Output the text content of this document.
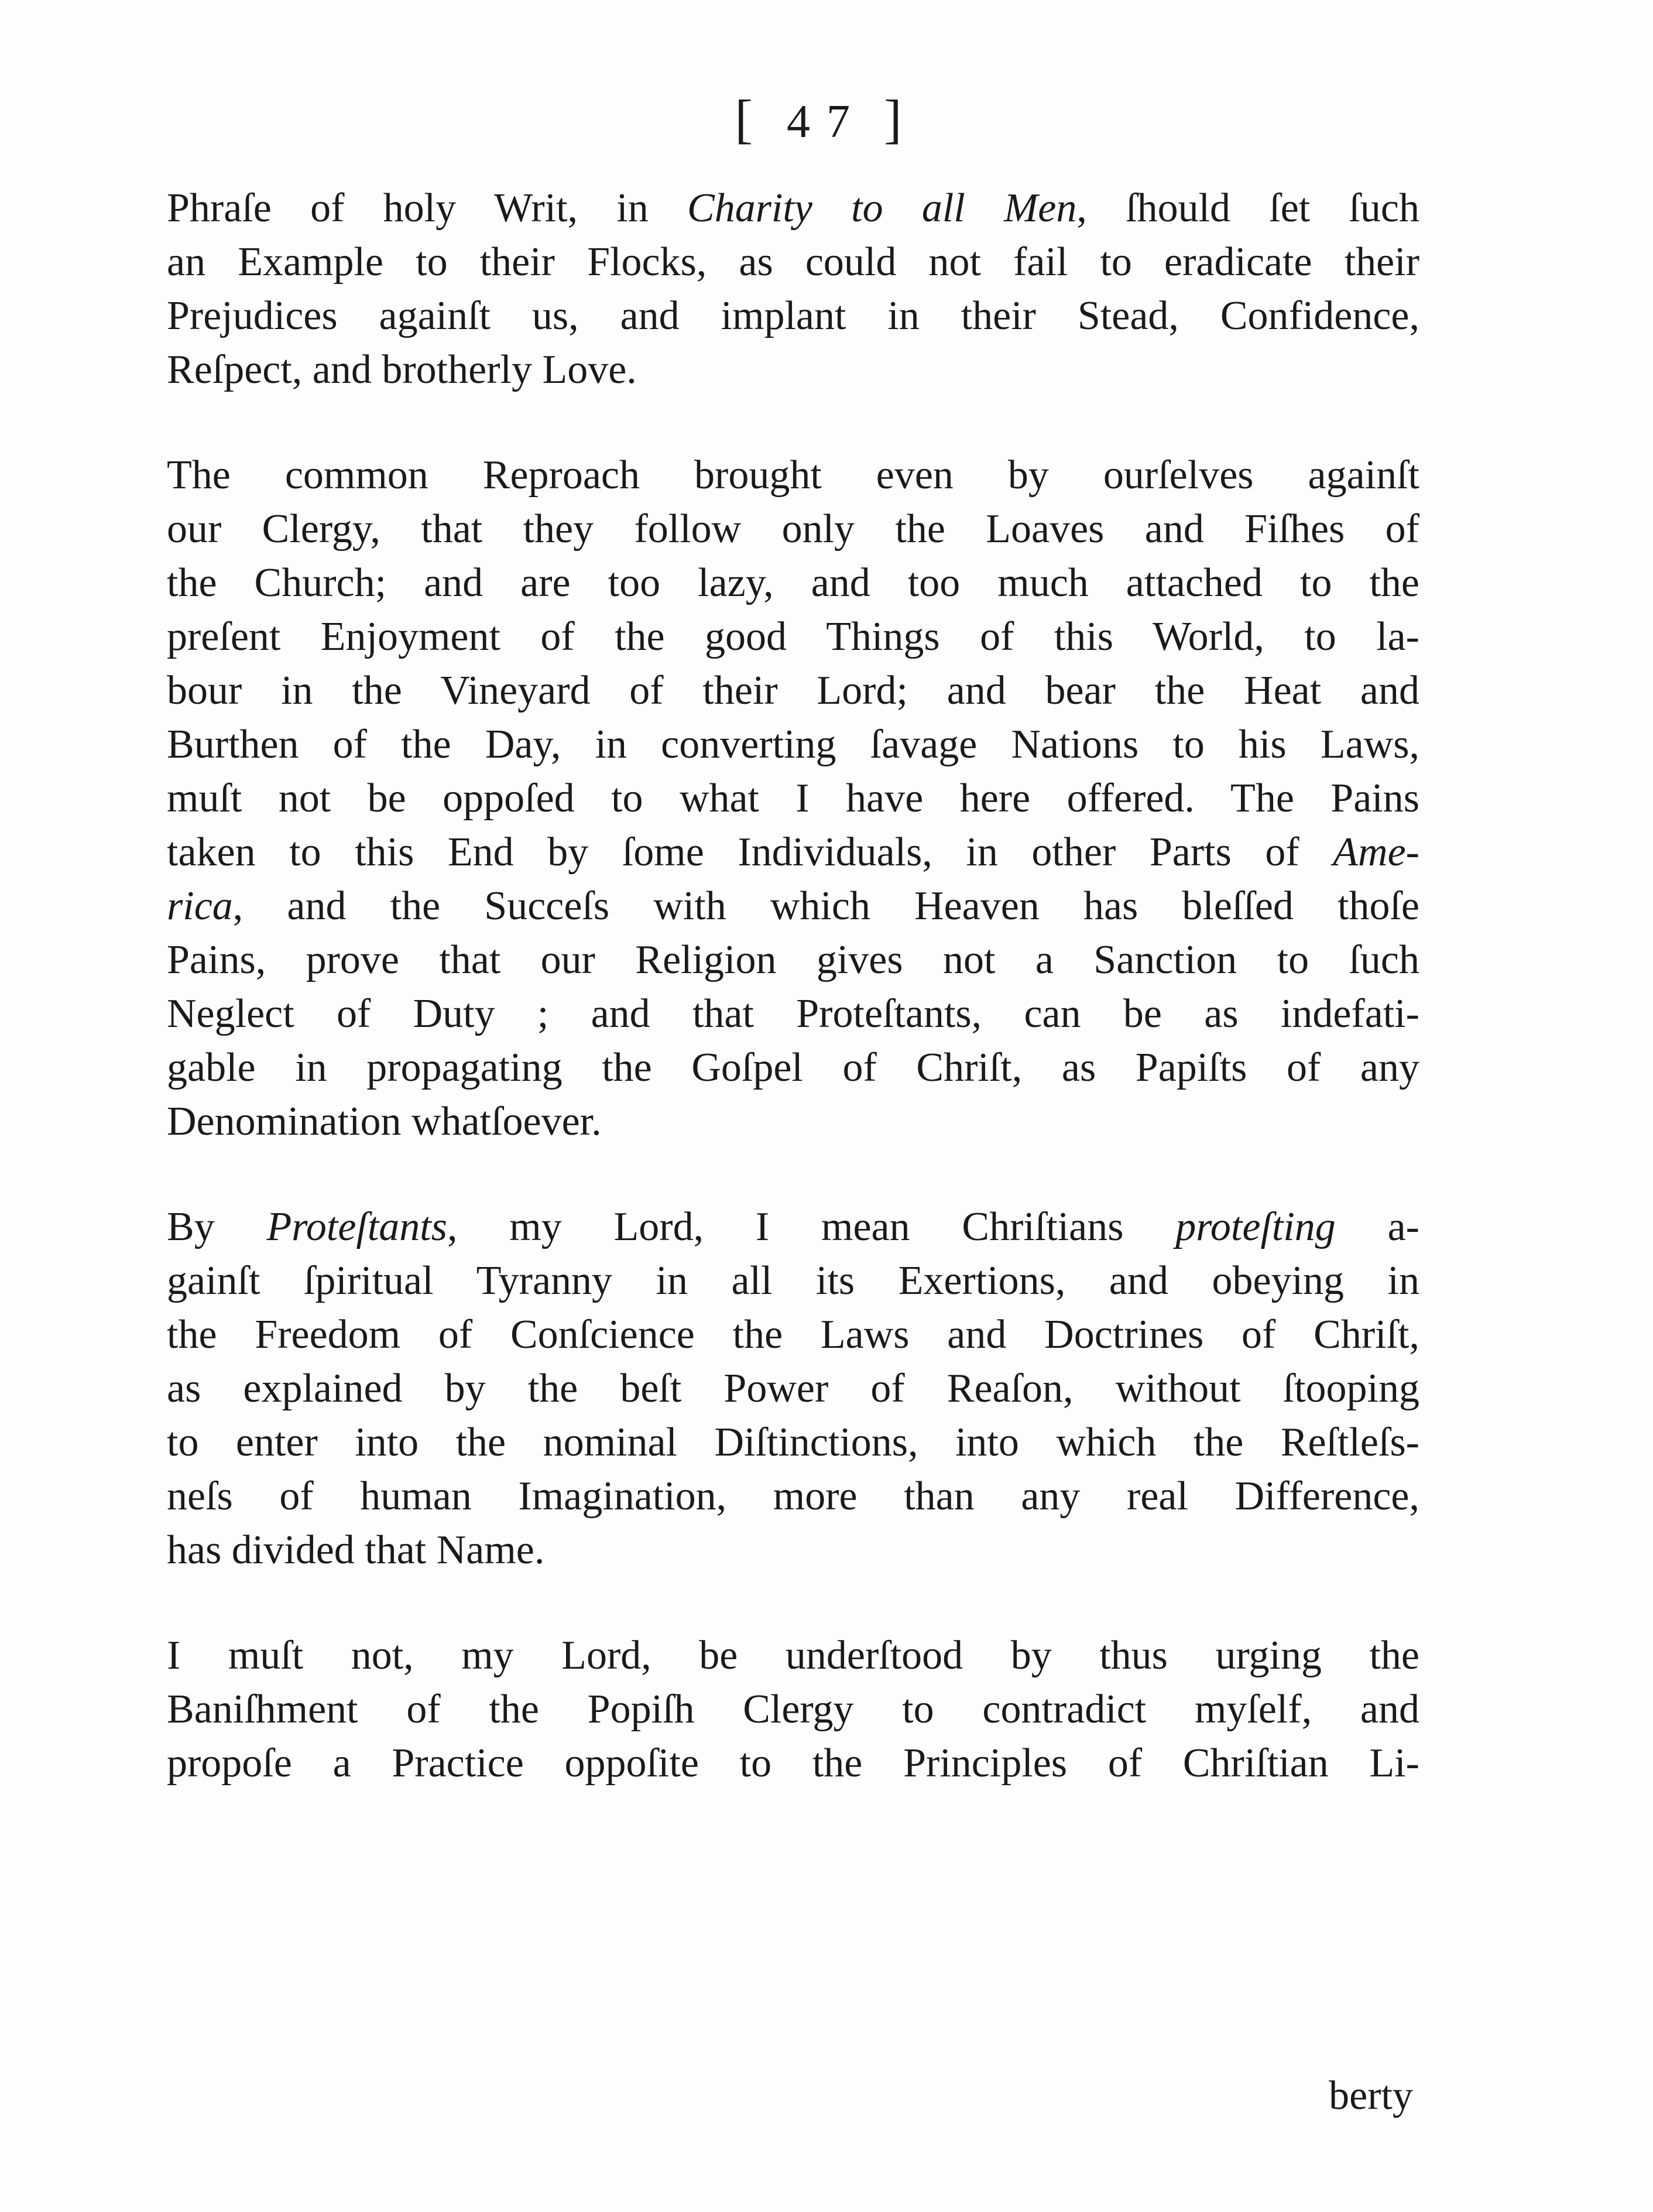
[ 47 ]

Phraſe of holy Writ, in Charity to all Men, ſhould ſet ſuch
an Example to their Flocks, as could not fail to eradicate their
Prejudices againſt us, and implant in their Stead, Confidence,
Reſpect, and brotherly Love.

The common Reproach brought even by ourſelves againſt
our Clergy, that they follow only the Loaves and Fiſhes of
the Church; and are too lazy, and too much attached to the
preſent Enjoyment of the good Things of this World, to la-
bour in the Vineyard of their Lord; and bear the Heat and
Burthen of the Day, in converting ſavage Nations to his Laws,
muſt not be oppoſed to what I have here offered. The Pains
taken to this End by ſome Individuals, in other Parts of Ame-
rica, and the Succeſs with which Heaven has bleſſed thoſe
Pains, prove that our Religion gives not a Sanction to ſuch
Neglect of Duty ; and that Proteſtants, can be as indefati-
gable in propagating the Goſpel of Chriſt, as Papiſts of any
Denomination whatſoever.

By Proteſtants, my Lord, I mean Chriſtians proteſting a-
gainſt ſpiritual Tyranny in all its Exertions, and obeying in
the Freedom of Conſcience the Laws and Doctrines of Chriſt,
as explained by the beſt Power of Reaſon, without ſtooping
to enter into the nominal Diſtinctions, into which the Reſtleſs-
neſs of human Imagination, more than any real Difference,
has divided that Name.

I muſt not, my Lord, be underſtood by thus urging the
Baniſhment of the Popiſh Clergy to contradict myſelf, and
propoſe a Practice oppoſite to the Principles of Chriſtian Li-

berty
